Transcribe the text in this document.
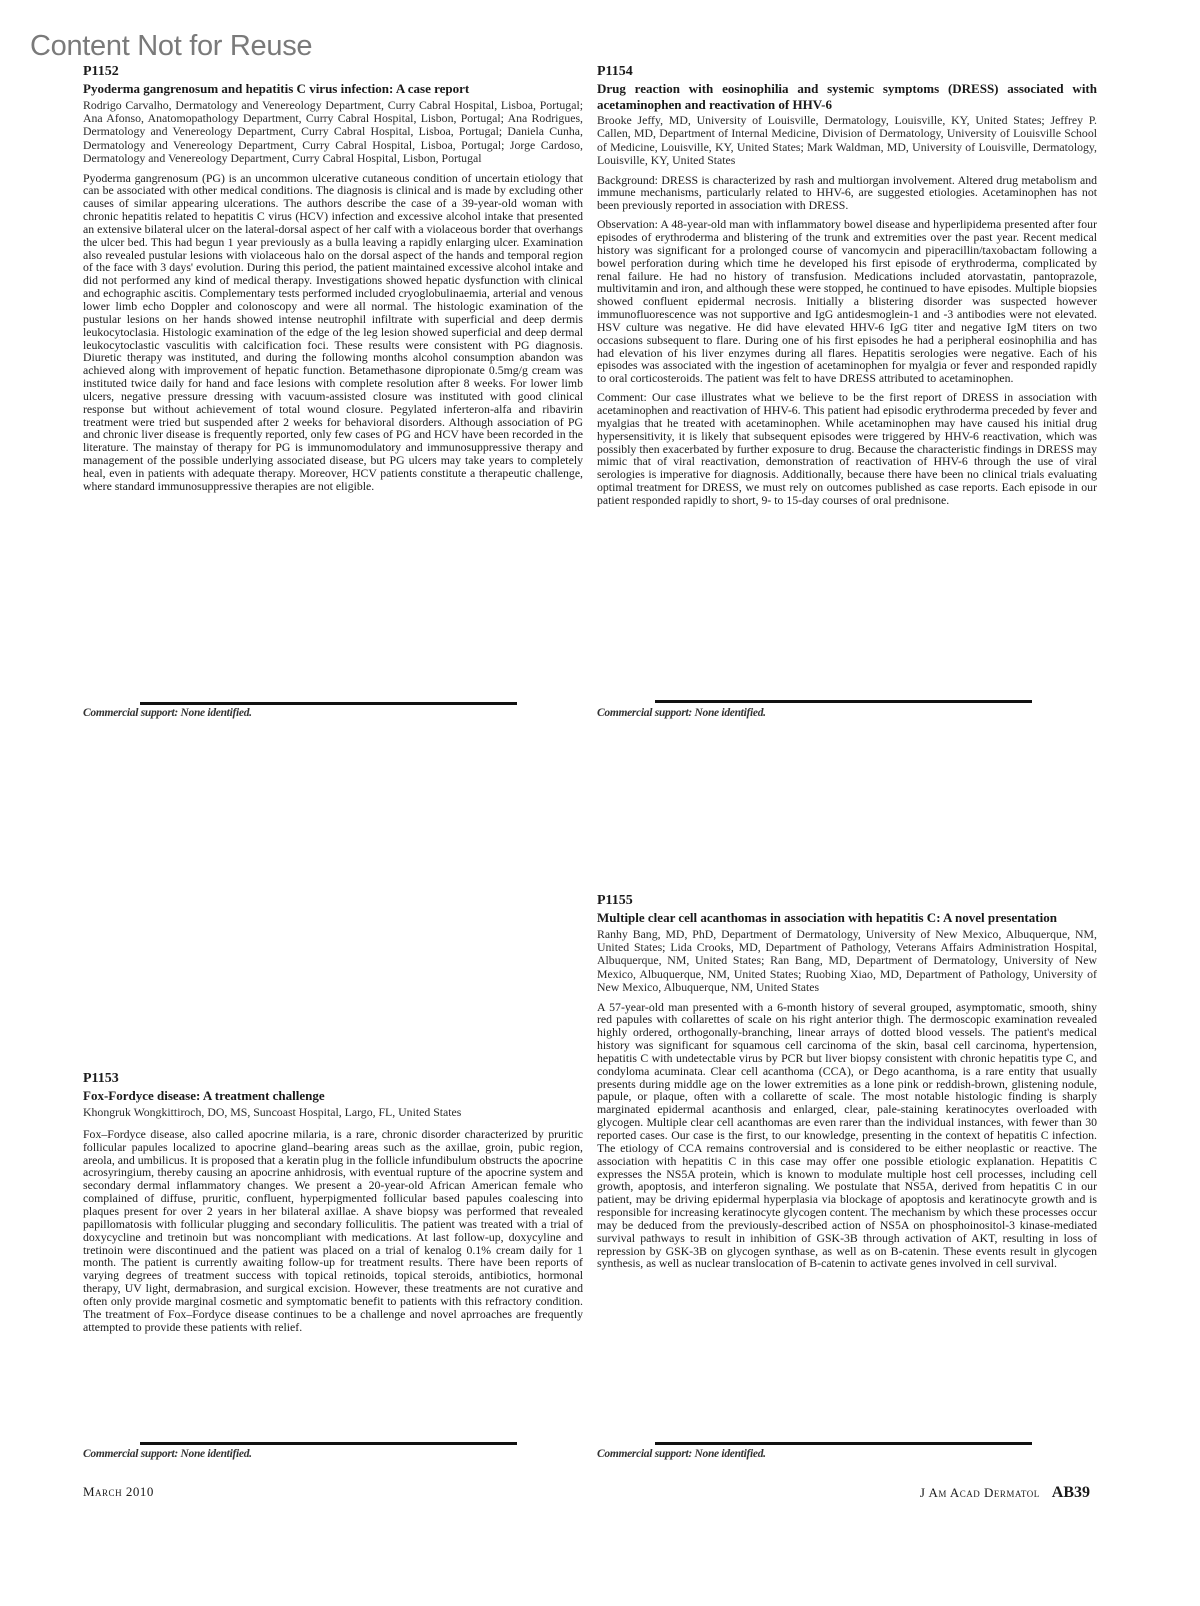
Content Not for Reuse
P1152
Pyoderma gangrenosum and hepatitis C virus infection: A case report
Rodrigo Carvalho, Dermatology and Venereology Department, Curry Cabral Hospital, Lisboa, Portugal; Ana Afonso, Anatomopathology Department, Curry Cabral Hospital, Lisbon, Portugal; Ana Rodrigues, Dermatology and Venereology Department, Curry Cabral Hospital, Lisboa, Portugal; Daniela Cunha, Dermatology and Venereology Department, Curry Cabral Hospital, Lisboa, Portugal; Jorge Cardoso, Dermatology and Venereology Department, Curry Cabral Hospital, Lisbon, Portugal
Pyoderma gangrenosum (PG) is an uncommon ulcerative cutaneous condition of uncertain etiology that can be associated with other medical conditions. The diagnosis is clinical and is made by excluding other causes of similar appearing ulcerations. The authors describe the case of a 39-year-old woman with chronic hepatitis related to hepatitis C virus (HCV) infection and excessive alcohol intake that presented an extensive bilateral ulcer on the lateral-dorsal aspect of her calf with a violaceous border that overhangs the ulcer bed. This had begun 1 year previously as a bulla leaving a rapidly enlarging ulcer. Examination also revealed pustular lesions with violaceous halo on the dorsal aspect of the hands and temporal region of the face with 3 days' evolution. During this period, the patient maintained excessive alcohol intake and did not performed any kind of medical therapy. Investigations showed hepatic dysfunction with clinical and echographic ascitis. Complementary tests performed included cryoglobulinaemia, arterial and venous lower limb echo Doppler and colonoscopy and were all normal. The histologic examination of the pustular lesions on her hands showed intense neutrophil infiltrate with superficial and deep dermis leukocytoclasia. Histologic examination of the edge of the leg lesion showed superficial and deep dermal leukocytoclastic vasculitis with calcification foci. These results were consistent with PG diagnosis. Diuretic therapy was instituted, and during the following months alcohol consumption abandon was achieved along with improvement of hepatic function. Betamethasone dipropionate 0.5mg/g cream was instituted twice daily for hand and face lesions with complete resolution after 8 weeks. For lower limb ulcers, negative pressure dressing with vacuum-assisted closure was instituted with good clinical response but without achievement of total wound closure. Pegylated inferteron-alfa and ribavirin treatment were tried but suspended after 2 weeks for behavioral disorders. Although association of PG and chronic liver disease is frequently reported, only few cases of PG and HCV have been recorded in the literature. The mainstay of therapy for PG is immunomodulatory and immunosuppressive therapy and management of the possible underlying associated disease, but PG ulcers may take years to completely heal, even in patients with adequate therapy. Moreover, HCV patients constitute a therapeutic challenge, where standard immunosuppressive therapies are not eligible.
Commercial support: None identified.
P1154
Drug reaction with eosinophilia and systemic symptoms (DRESS) associated with acetaminophen and reactivation of HHV-6
Brooke Jeffy, MD, University of Louisville, Dermatology, Louisville, KY, United States; Jeffrey P. Callen, MD, Department of Internal Medicine, Division of Dermatology, University of Louisville School of Medicine, Louisville, KY, United States; Mark Waldman, MD, University of Louisville, Dermatology, Louisville, KY, United States
Background: DRESS is characterized by rash and multiorgan involvement. Altered drug metabolism and immune mechanisms, particularly related to HHV-6, are suggested etiologies. Acetaminophen has not been previously reported in association with DRESS.
Observation: A 48-year-old man with inflammatory bowel disease and hyperlipidema presented after four episodes of erythroderma and blistering of the trunk and extremities over the past year. Recent medical history was significant for a prolonged course of vancomycin and piperacillin/taxobactam following a bowel perforation during which time he developed his first episode of erythroderma, complicated by renal failure. He had no history of transfusion. Medications included atorvastatin, pantoprazole, multivitamin and iron, and although these were stopped, he continued to have episodes. Multiple biopsies showed confluent epidermal necrosis. Initially a blistering disorder was suspected however immunofluorescence was not supportive and IgG antidesmoglein-1 and -3 antibodies were not elevated. HSV culture was negative. He did have elevated HHV-6 IgG titer and negative IgM titers on two occasions subsequent to flare. During one of his first episodes he had a peripheral eosinophilia and has had elevation of his liver enzymes during all flares. Hepatitis serologies were negative. Each of his episodes was associated with the ingestion of acetaminophen for myalgia or fever and responded rapidly to oral corticosteroids. The patient was felt to have DRESS attributed to acetaminophen.
Comment: Our case illustrates what we believe to be the first report of DRESS in association with acetaminophen and reactivation of HHV-6. This patient had episodic erythroderma preceded by fever and myalgias that he treated with acetaminophen. While acetaminophen may have caused his initial drug hypersensitivity, it is likely that subsequent episodes were triggered by HHV-6 reactivation, which was possibly then exacerbated by further exposure to drug. Because the characteristic findings in DRESS may mimic that of viral reactivation, demonstration of reactivation of HHV-6 through the use of viral serologies is imperative for diagnosis. Additionally, because there have been no clinical trials evaluating optimal treatment for DRESS, we must rely on outcomes published as case reports. Each episode in our patient responded rapidly to short, 9- to 15-day courses of oral prednisone.
Commercial support: None identified.
P1155
Multiple clear cell acanthomas in association with hepatitis C: A novel presentation
Ranhy Bang, MD, PhD, Department of Dermatology, University of New Mexico, Albuquerque, NM, United States; Lida Crooks, MD, Department of Pathology, Veterans Affairs Administration Hospital, Albuquerque, NM, United States; Ran Bang, MD, Department of Dermatology, University of New Mexico, Albuquerque, NM, United States; Ruobing Xiao, MD, Department of Pathology, University of New Mexico, Albuquerque, NM, United States
A 57-year-old man presented with a 6-month history of several grouped, asymptomatic, smooth, shiny red papules with collarettes of scale on his right anterior thigh. The dermoscopic examination revealed highly ordered, orthogonally-branching, linear arrays of dotted blood vessels. The patient's medical history was significant for squamous cell carcinoma of the skin, basal cell carcinoma, hypertension, hepatitis C with undetectable virus by PCR but liver biopsy consistent with chronic hepatitis type C, and condyloma acuminata. Clear cell acanthoma (CCA), or Dego acanthoma, is a rare entity that usually presents during middle age on the lower extremities as a lone pink or reddish-brown, glistening nodule, papule, or plaque, often with a collarette of scale. The most notable histologic finding is sharply marginated epidermal acanthosis and enlarged, clear, pale-staining keratinocytes overloaded with glycogen. Multiple clear cell acanthomas are even rarer than the individual instances, with fewer than 30 reported cases. Our case is the first, to our knowledge, presenting in the context of hepatitis C infection. The etiology of CCA remains controversial and is considered to be either neoplastic or reactive. The association with hepatitis C in this case may offer one possible etiologic explanation. Hepatitis C expresses the NS5A protein, which is known to modulate multiple host cell processes, including cell growth, apoptosis, and interferon signaling. We postulate that NS5A, derived from hepatitis C in our patient, may be driving epidermal hyperplasia via blockage of apoptosis and keratinocyte growth and is responsible for increasing keratinocyte glycogen content. The mechanism by which these processes occur may be deduced from the previously-described action of NS5A on phosphoinositol-3 kinase-mediated survival pathways to result in inhibition of GSK-3B through activation of AKT, resulting in loss of repression by GSK-3B on glycogen synthase, as well as on B-catenin. These events result in glycogen synthesis, as well as nuclear translocation of B-catenin to activate genes involved in cell survival.
Commercial support: None identified.
P1153
Fox-Fordyce disease: A treatment challenge
Khongruk Wongkittiroch, DO, MS, Suncoast Hospital, Largo, FL, United States
Fox–Fordyce disease, also called apocrine milaria, is a rare, chronic disorder characterized by pruritic follicular papules localized to apocrine gland–bearing areas such as the axillae, groin, pubic region, areola, and umbilicus. It is proposed that a keratin plug in the follicle infundibulum obstructs the apocrine acrosyringium, thereby causing an apocrine anhidrosis, with eventual rupture of the apocrine system and secondary dermal inflammatory changes. We present a 20-year-old African American female who complained of diffuse, pruritic, confluent, hyperpigmented follicular based papules coalescing into plaques present for over 2 years in her bilateral axillae. A shave biopsy was performed that revealed papillomatosis with follicular plugging and secondary folliculitis. The patient was treated with a trial of doxycycline and tretinoin but was noncompliant with medications. At last follow-up, doxycyline and tretinoin were discontinued and the patient was placed on a trial of kenalog 0.1% cream daily for 1 month. The patient is currently awaiting follow-up for treatment results. There have been reports of varying degrees of treatment success with topical retinoids, topical steroids, antibiotics, hormonal therapy, UV light, dermabrasion, and surgical excision. However, these treatments are not curative and often only provide marginal cosmetic and symptomatic benefit to patients with this refractory condition. The treatment of Fox–Fordyce disease continues to be a challenge and novel aprroaches are frequently attempted to provide these patients with relief.
Commercial support: None identified.
March 2010	J Am Acad Dermatol AB39
